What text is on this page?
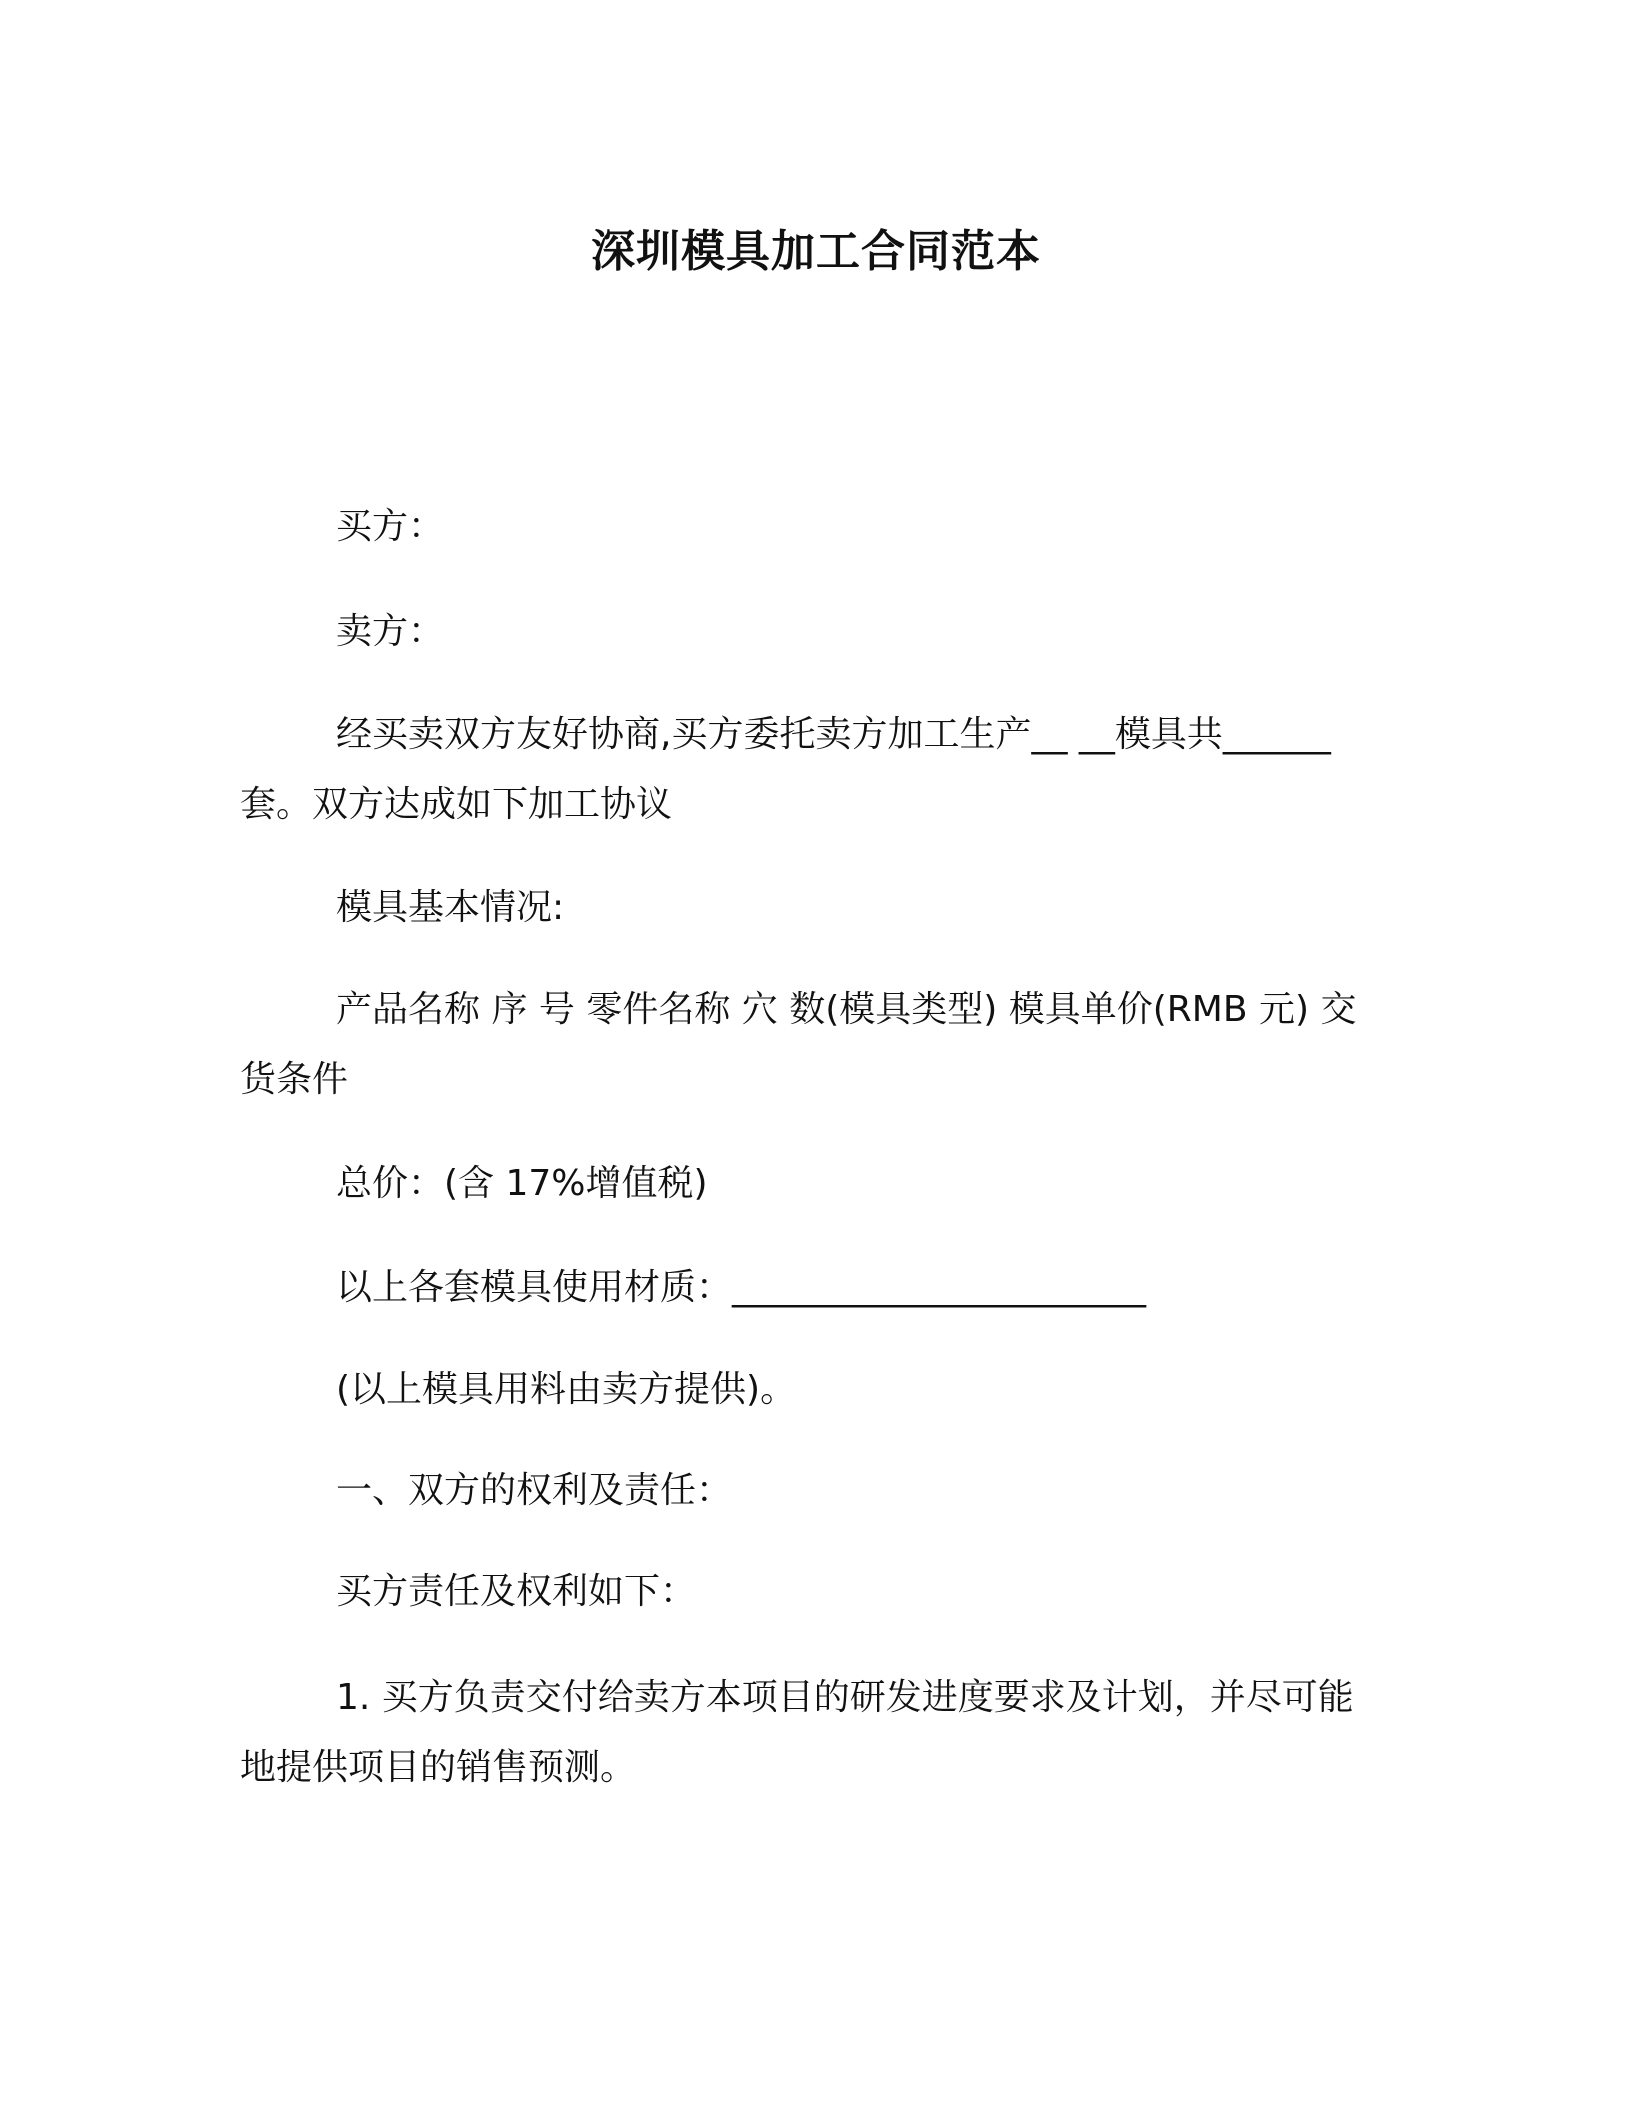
深圳模具加工合同范本

买方：

卖方：

经买卖双方友好协商,买方委托卖方加工生产__ __模具共______套。双方达成如下加工协议

模具基本情况:

产品名称 序 号 零件名称 穴 数(模具类型) 模具单价(RMB 元) 交货条件

总价：(含 17%增值税)

以上各套模具使用材质：_______________________

(以上模具用料由卖方提供)。

一、双方的权利及责任：

买方责任及权利如下：

1. 买方负责交付给卖方本项目的研发进度要求及计划，并尽可能地提供项目的销售预测。
